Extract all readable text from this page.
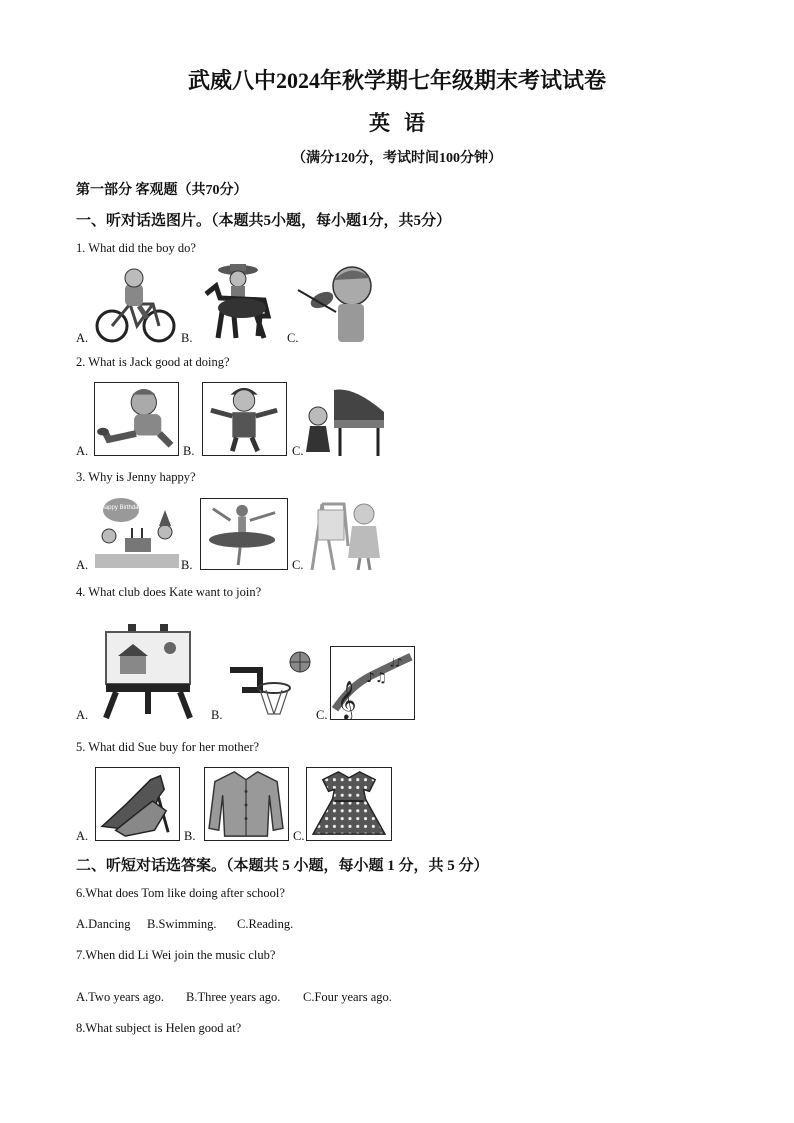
武威八中2024年秋学期七年级期末考试试卷
英语
（满分120分，考试时间100分钟）
第一部分 客观题（共70分）
一、听对话选图片。（本题共5小题，每小题1分，共5分）
1. What did the boy do?
A.	B.	C.
2. What is Jack good at doing?
A.	B.	C.
3. Why is Jenny happy?
A.	B.	C.
Happy Birthday
4. What club does Kate want to join?
A.	B.	C. 𝄞
♪♫
♩♪
5. What did Sue buy for her mother?
A.	B.	C.
二、听短对话选答案。（本题共 5 小题，每小题 1 分，共 5 分）
6.What does Tom like doing after school?
A.Dancing B.Swimming. C.Reading.
7.When did Li Wei join the music club?
A.Two years ago. B.Three years ago. C.Four years ago.
8.What subject is Helen good at?
